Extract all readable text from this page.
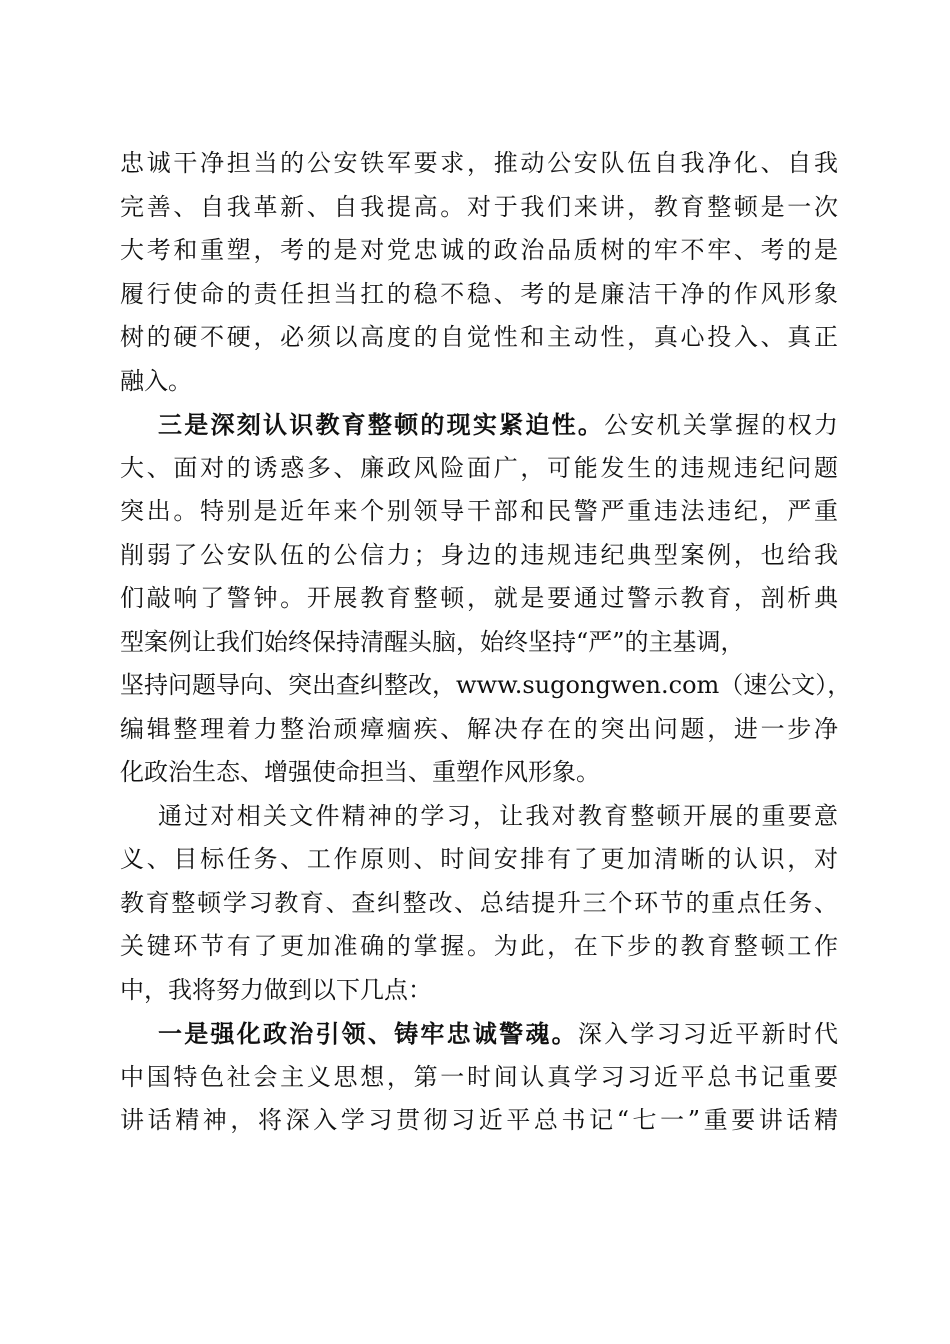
忠诚干净担当的公安铁军要求，推动公安队伍自我净化、自我
完善、自我革新、自我提高。对于我们来讲，教育整顿是一次
大考和重塑，考的是对党忠诚的政治品质树的牢不牢、考的是
履行使命的责任担当扛的稳不稳、考的是廉洁干净的作风形象
树的硬不硬，必须以高度的自觉性和主动性，真心投入、真正
融入。
三是深刻认识教育整顿的现实紧迫性。公安机关掌握的权力
大、面对的诱惑多、廉政风险面广，可能发生的违规违纪问题
突出。特别是近年来个别领导干部和民警严重违法违纪，严重
削弱了公安队伍的公信力；身边的违规违纪典型案例，也给我
们敲响了警钟。开展教育整顿，就是要通过警示教育，剖析典
型案例让我们始终保持清醒头脑，始终坚持“严”的主基调，
坚持问题导向、突出查纠整改，www.sugongwen.com（速公文），
编辑整理着力整治顽瘴痼疾、解决存在的突出问题，进一步净
化政治生态、增强使命担当、重塑作风形象。
通过对相关文件精神的学习，让我对教育整顿开展的重要意
义、目标任务、工作原则、时间安排有了更加清晰的认识，对
教育整顿学习教育、查纠整改、总结提升三个环节的重点任务、
关键环节有了更加准确的掌握。为此，在下步的教育整顿工作
中，我将努力做到以下几点：
一是强化政治引领、铸牢忠诚警魂。深入学习习近平新时代
中国特色社会主义思想，第一时间认真学习习近平总书记重要
讲话精神，将深入学习贯彻习近平总书记“七一”重要讲话精
